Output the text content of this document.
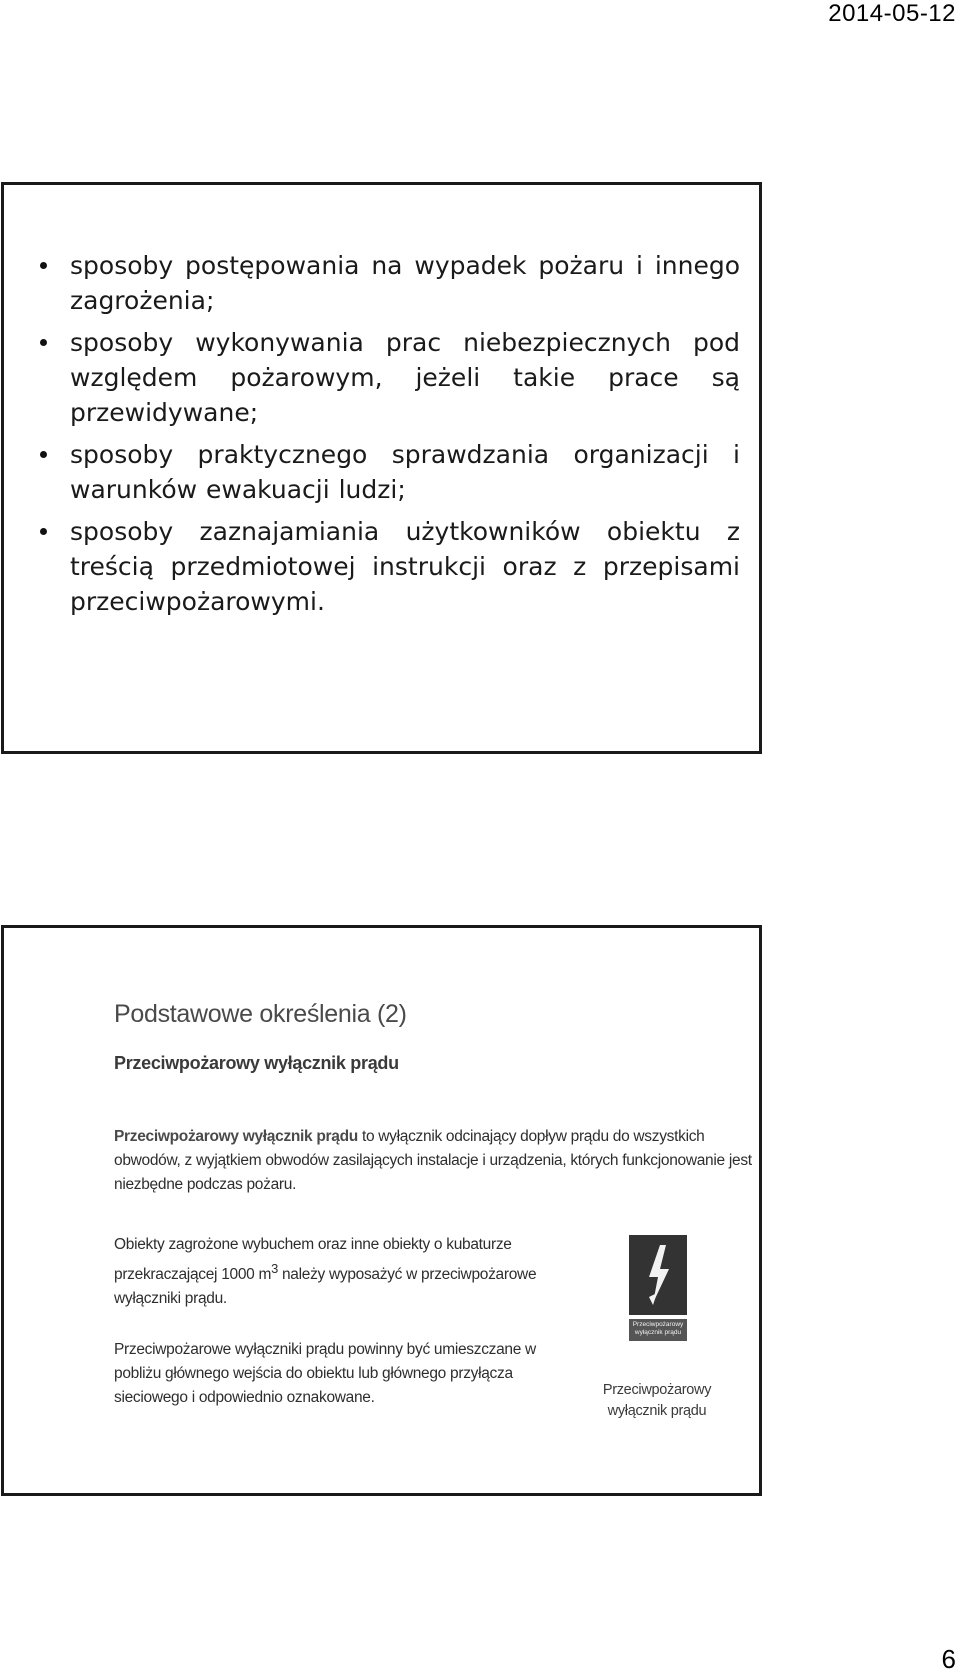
2014-05-12
sposoby postępowania na wypadek pożaru i innego zagrożenia;
sposoby wykonywania prac niebezpiecznych pod względem pożarowym, jeżeli takie prace są przewidywane;
sposoby praktycznego sprawdzania organizacji i warunków ewakuacji ludzi;
sposoby zaznajamiania użytkowników obiektu z treścią przedmiotowej instrukcji oraz z przepisami przeciwpożarowymi.
Podstawowe określenia (2)
Przeciwpożarowy wyłącznik prądu
Przeciwpożarowy wyłącznik prądu to wyłącznik odcinający dopływ prądu do wszystkich obwodów, z wyjątkiem obwodów zasilających instalacje i urządzenia, których funkcjonowanie jest niezbędne podczas pożaru.
Obiekty zagrożone wybuchem oraz inne obiekty o kubaturze przekraczającej 1000 $m^3$ należy wyposażyć w przeciwpożarowe wyłączniki prądu.
Przeciwpożarowe wyłączniki prądu powinny być umieszczane w pobliżu głównego wejścia do obiektu lub głównego przyłącza sieciowego i odpowiednio oznakowane.
Przeciwpożarowy wyłącznik prądu
Przeciwpożarowy wyłącznik prądu
6
